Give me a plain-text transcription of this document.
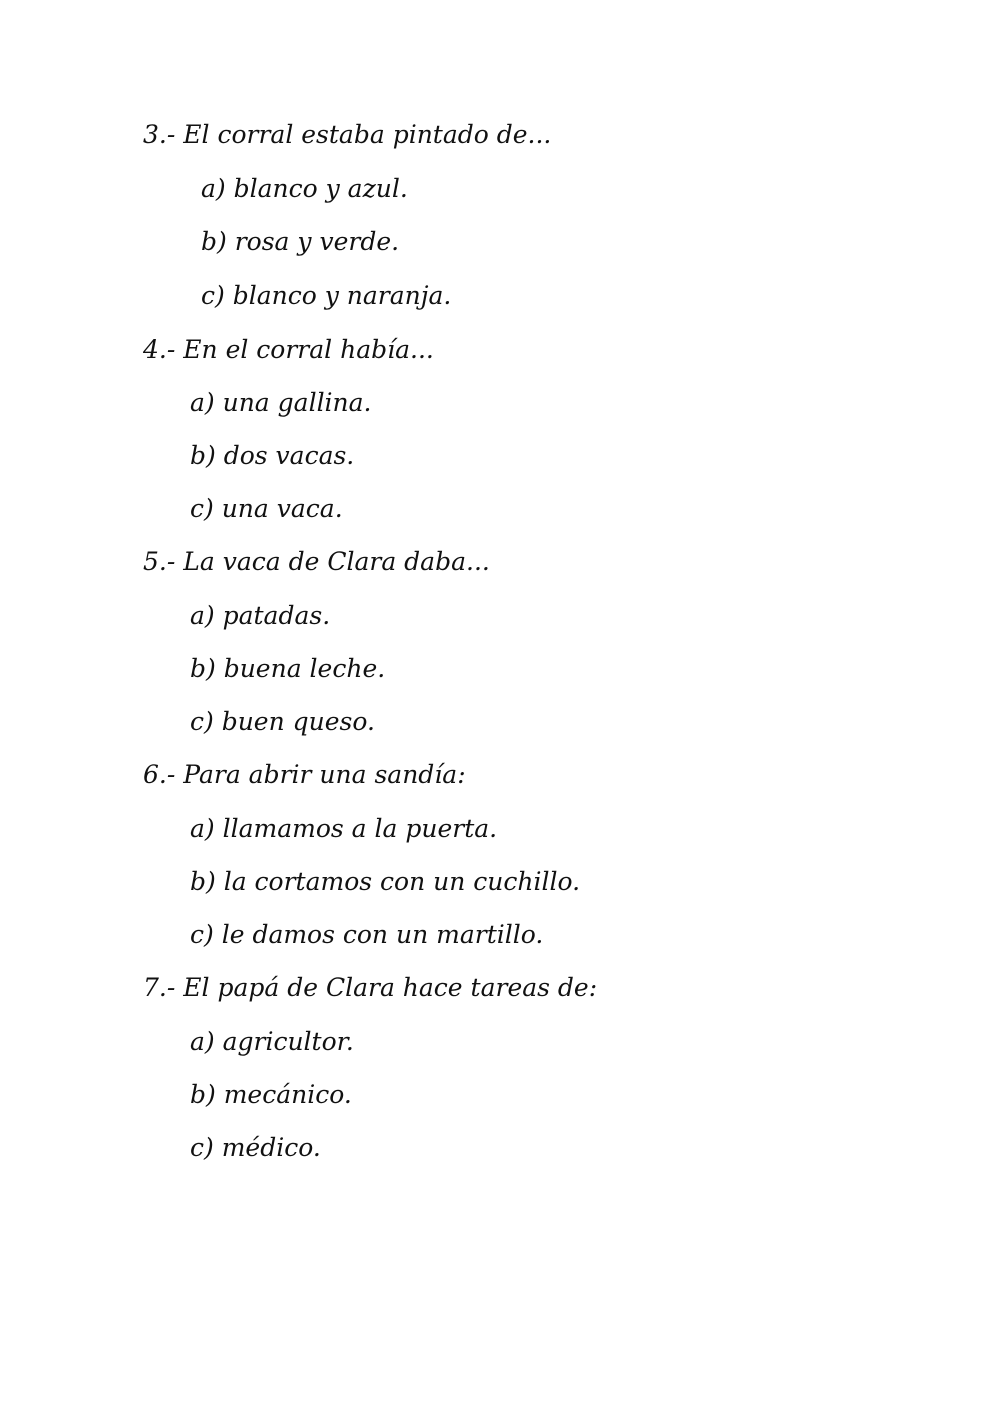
3.- El corral estaba pintado de...
a) blanco y azul.
b) rosa y verde.
c) blanco y naranja.
4.- En el corral había...
a) una gallina.
b) dos vacas.
c) una vaca.
5.- La vaca de Clara daba...
a) patadas.
b) buena leche.
c) buen queso.
6.- Para abrir una sandía:
a) llamamos a la puerta.
b) la cortamos con un cuchillo.
c) le damos con un martillo.
7.- El papá de Clara hace tareas de:
a) agricultor.
b) mecánico.
c) médico.
